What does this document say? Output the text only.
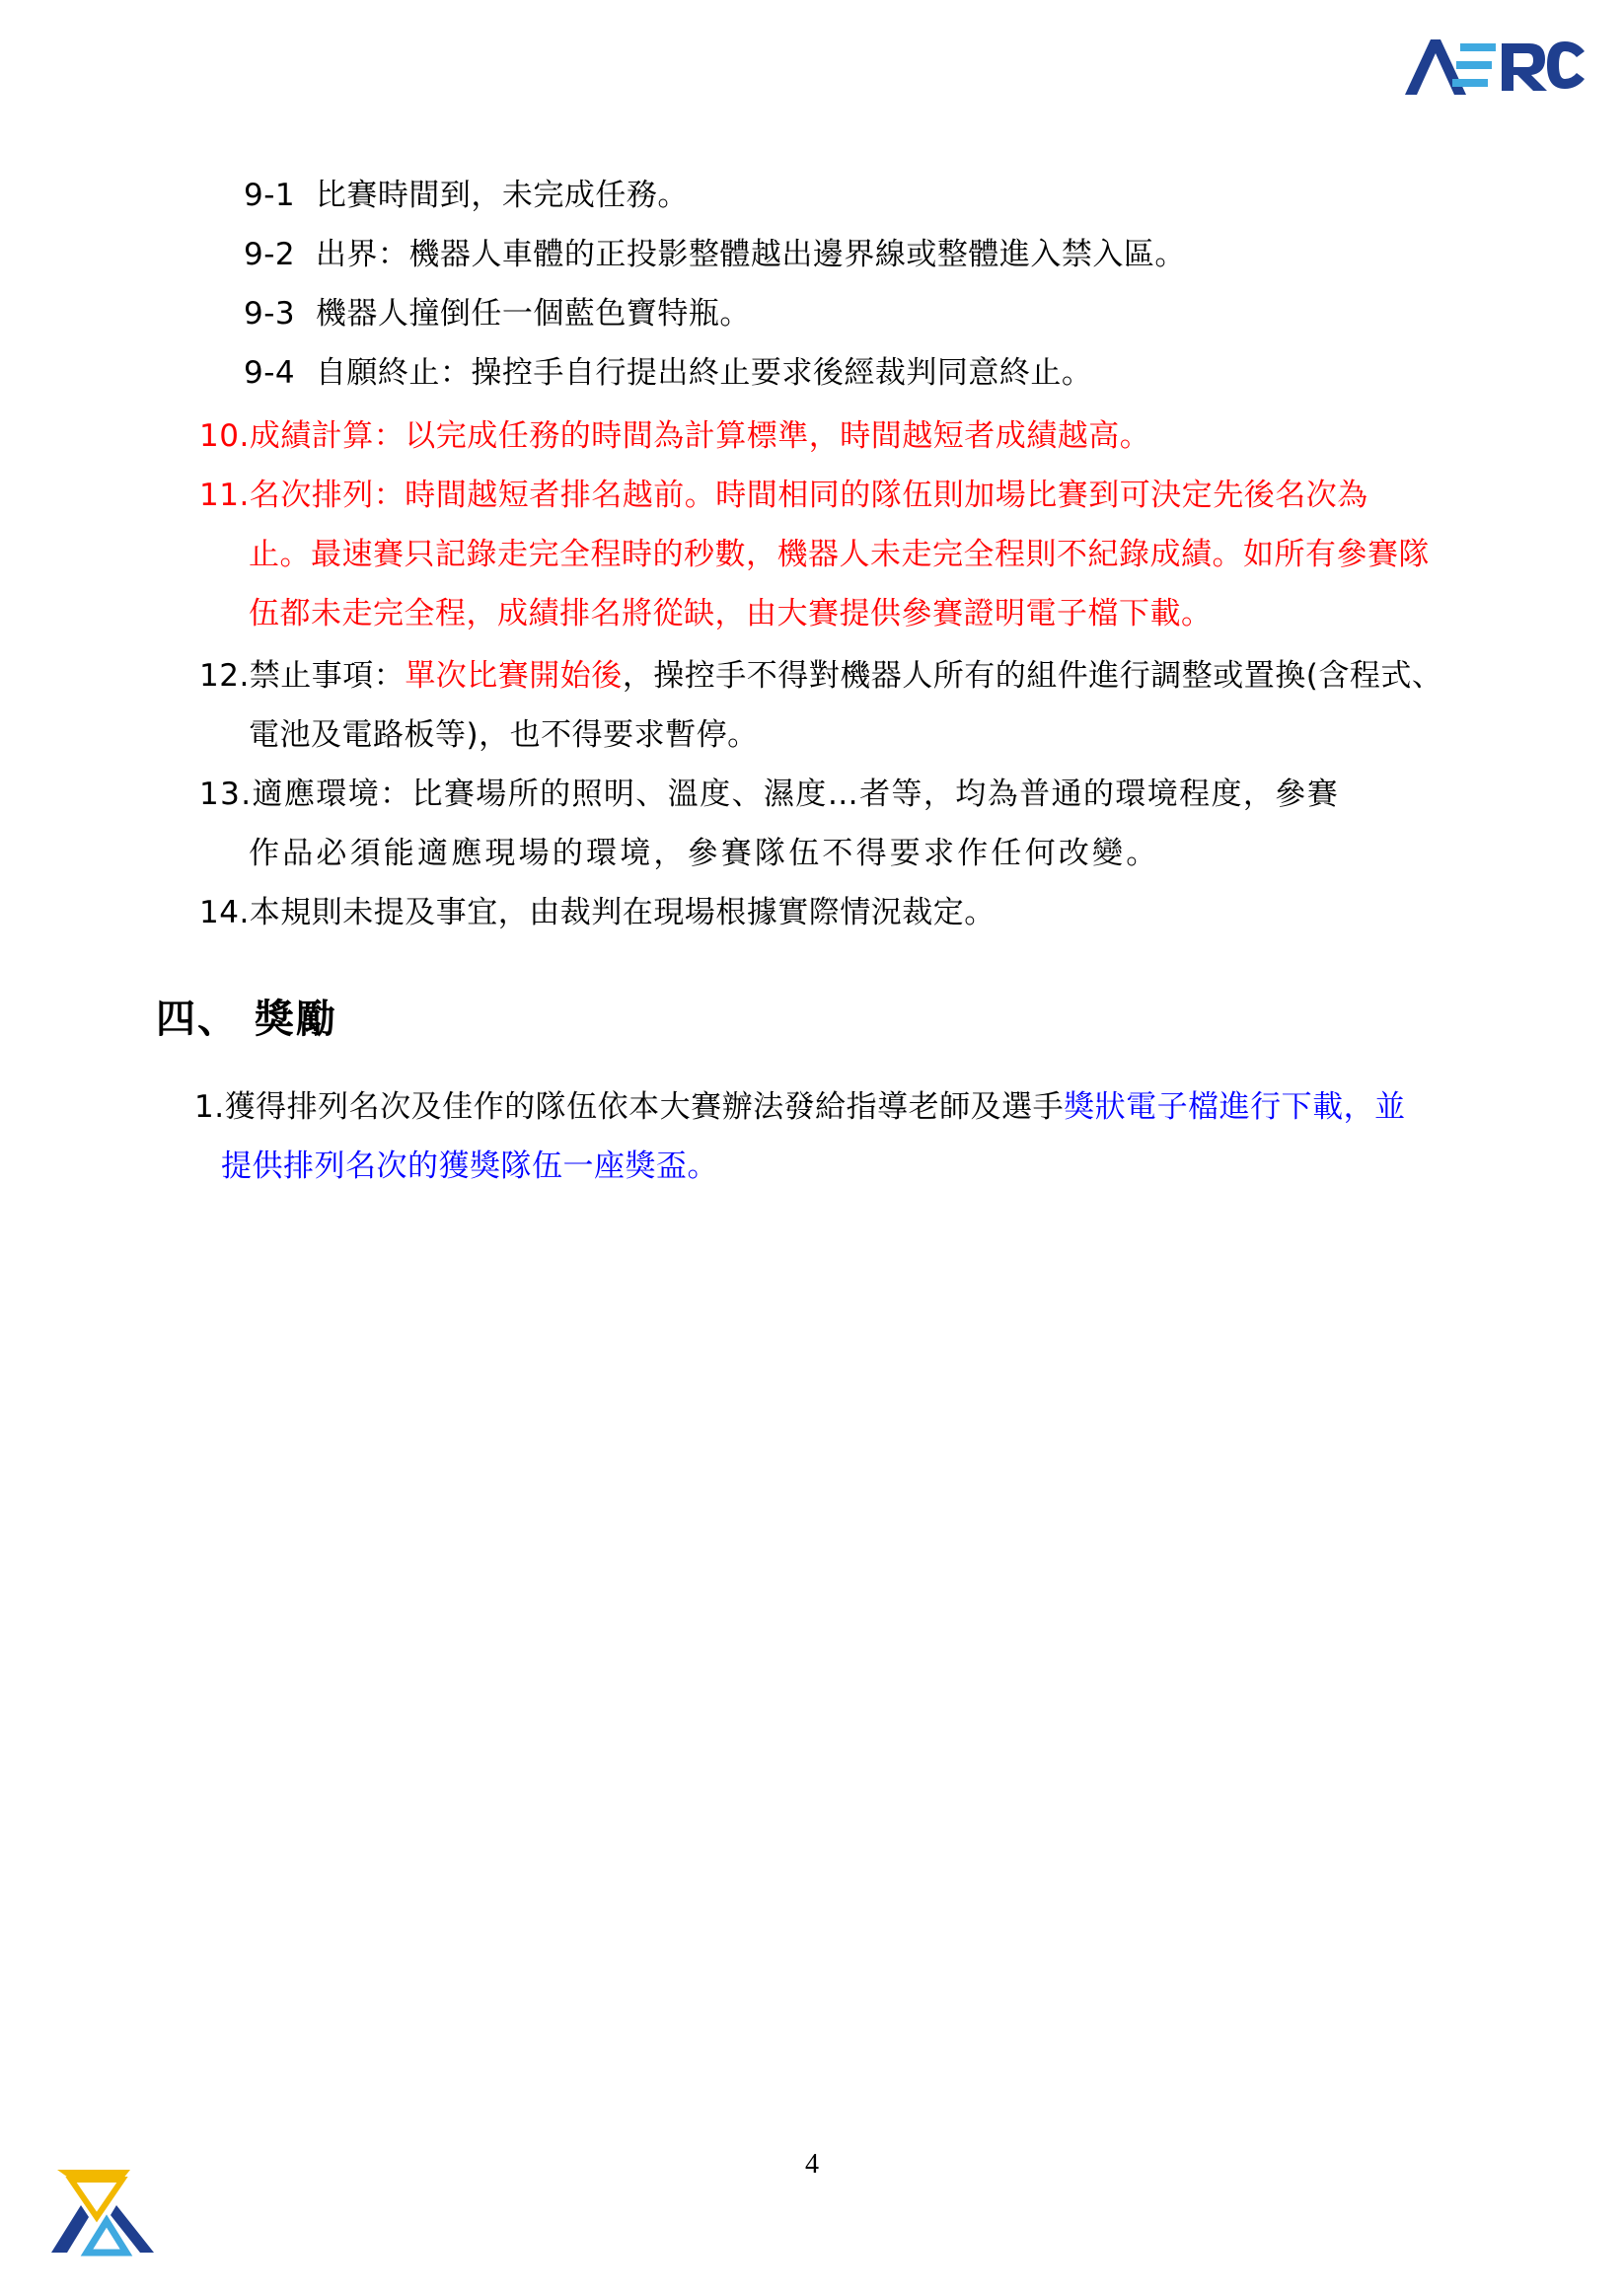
9-1 比賽時間到，未完成任務。
9-2 出界：機器人車體的正投影整體越出邊界線或整體進入禁入區。
9-3 機器人撞倒任一個藍色寶特瓶。
9-4 自願終止：操控手自行提出終止要求後經裁判同意終止。
10.成績計算：以完成任務的時間為計算標準，時間越短者成績越高。
11.名次排列：時間越短者排名越前。時間相同的隊伍則加場比賽到可決定先後名次為
止。最速賽只記錄走完全程時的秒數，機器人未走完全程則不紀錄成績。如所有參賽隊
伍都未走完全程，成績排名將從缺，由大賽提供參賽證明電子檔下載。
12.禁止事項：單次比賽開始後，操控手不得對機器人所有的組件進行調整或置換(含程式、
電池及電路板等)，也不得要求暫停。
13.適應環境：比賽場所的照明、溫度、濕度…者等，均為普通的環境程度，參賽
作品必須能適應現場的環境，參賽隊伍不得要求作任何改變。
14.本規則未提及事宜，由裁判在現場根據實際情況裁定。
四、 獎勵
1.獲得排列名次及佳作的隊伍依本大賽辦法發給指導老師及選手獎狀電子檔進行下載，並
提供排列名次的獲獎隊伍一座獎盃。
4
